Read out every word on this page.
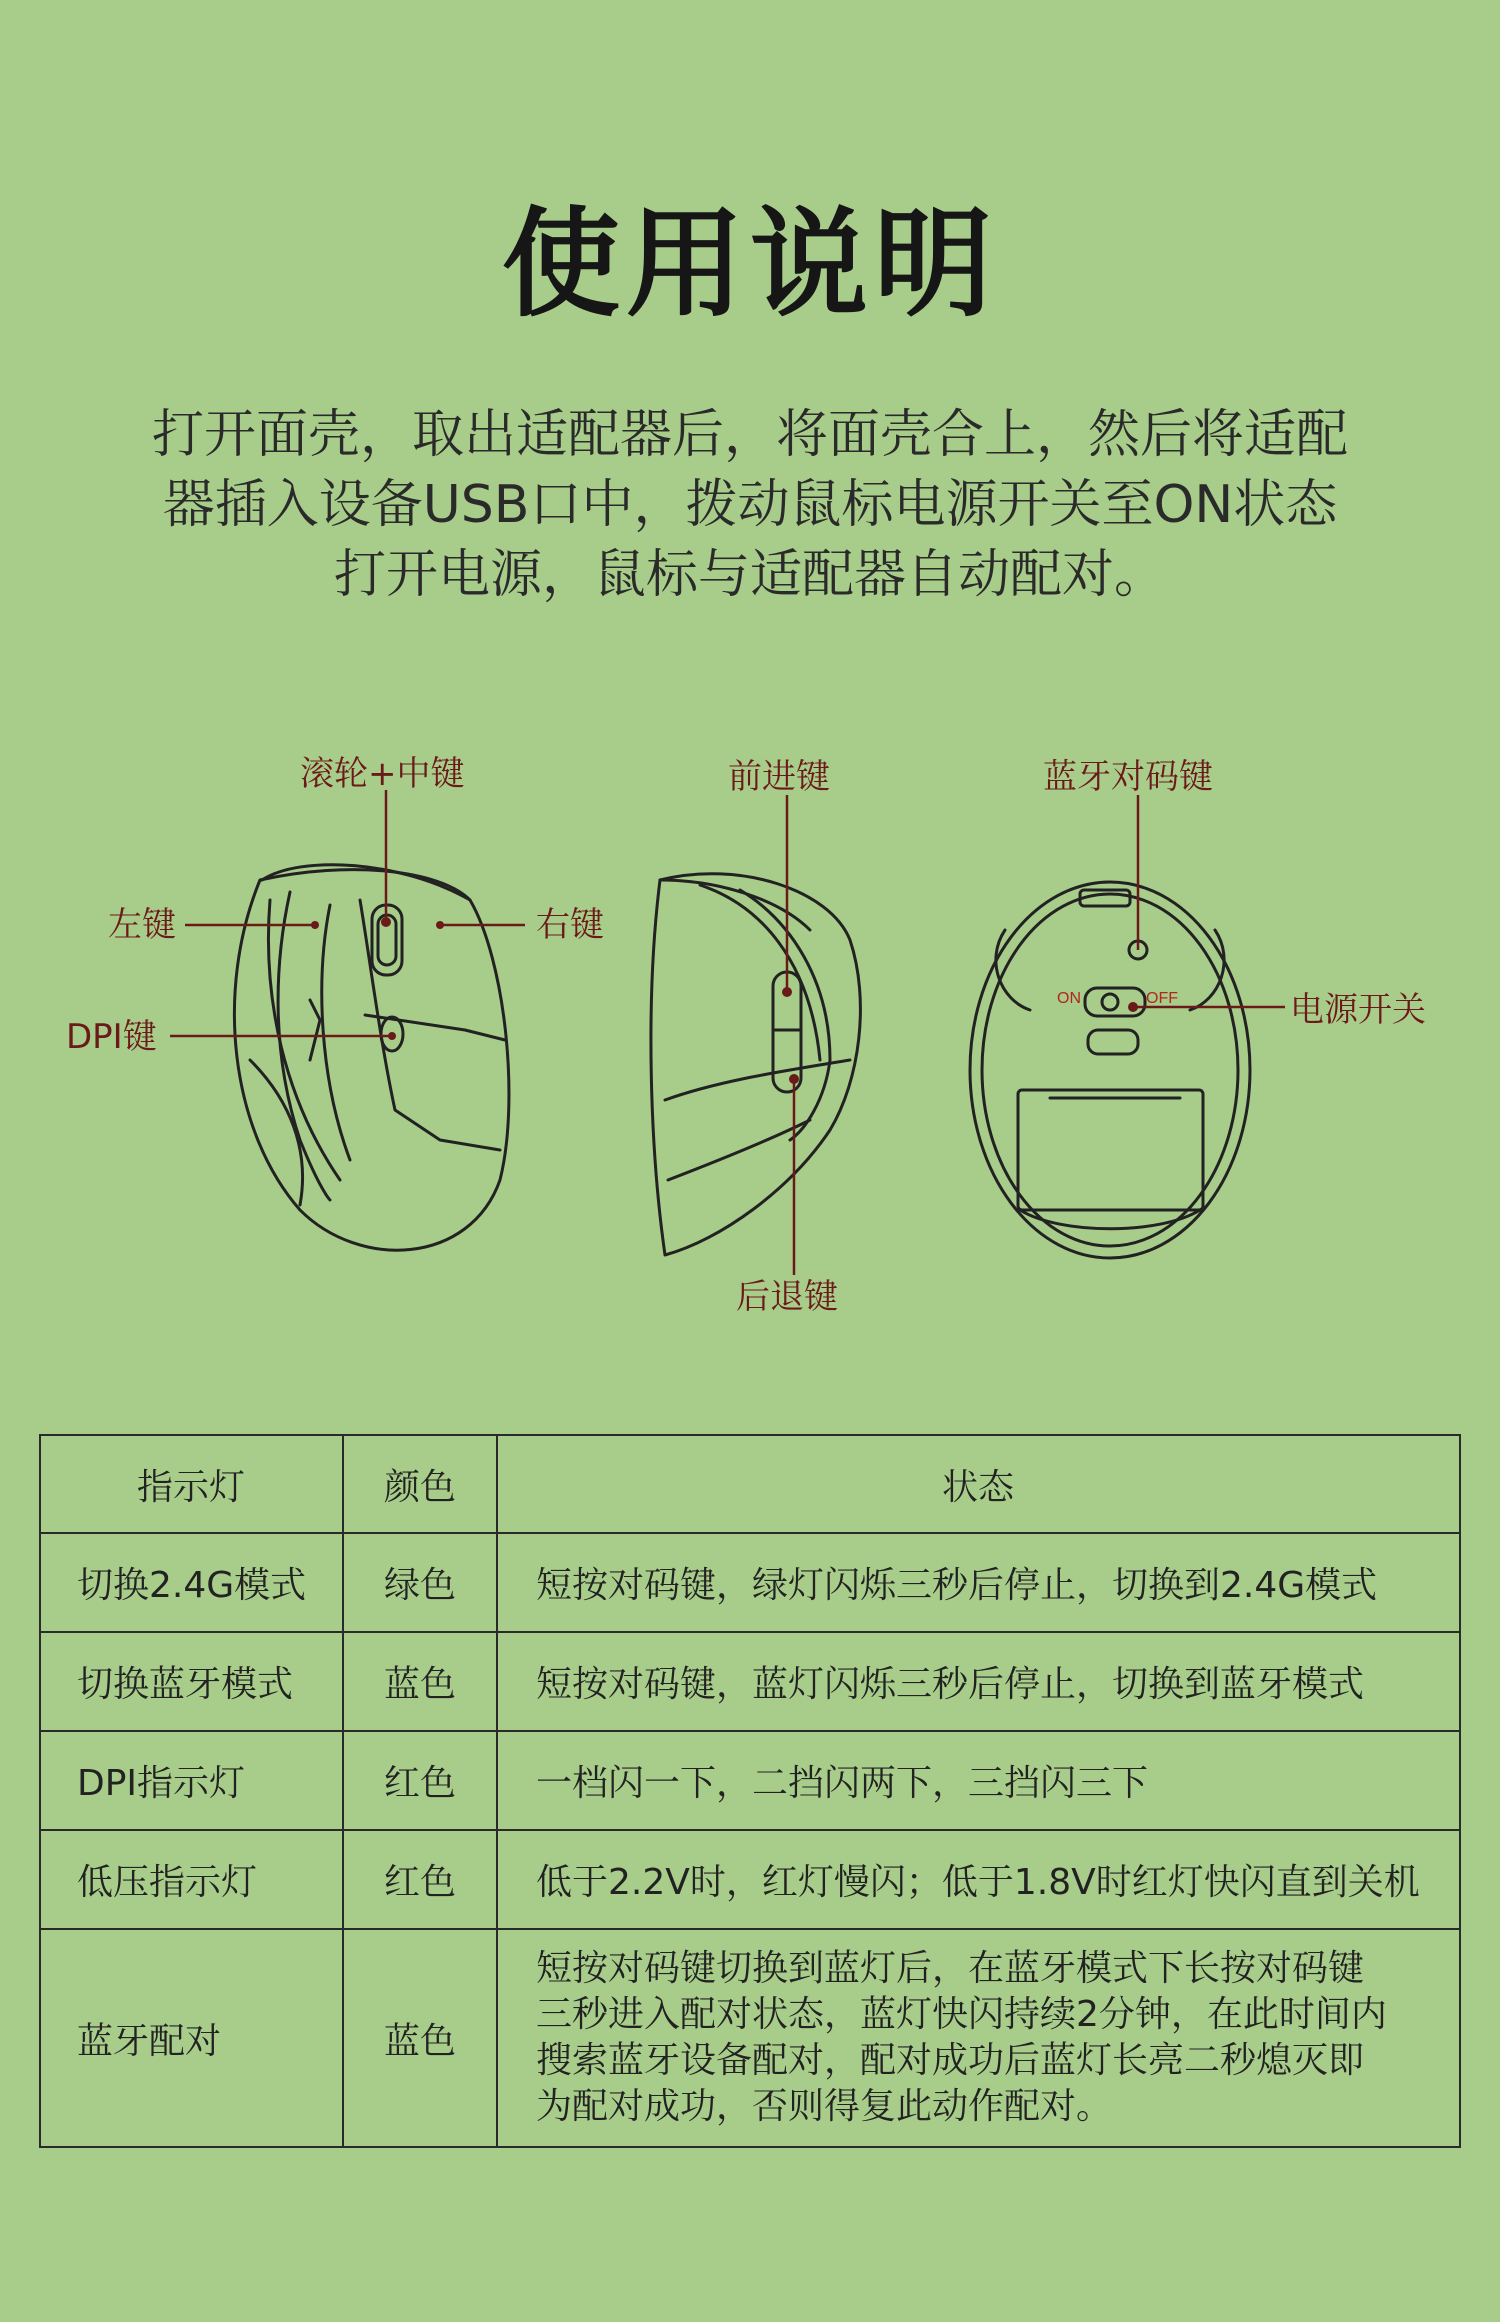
使用说明
打开面壳，取出适配器后，将面壳合上，然后将适配
器插入设备USB口中，拨动鼠标电源开关至ON状态
打开电源，鼠标与适配器自动配对。
ON	OFF
滚轮+中键
左键	右键
DPI键
前进键
后退键
蓝牙对码键
电源开关
指示灯	颜色	状态
切换2.4G模式	绿色	短按对码键，绿灯闪烁三秒后停止，切换到2.4G模式
切换蓝牙模式	蓝色	短按对码键，蓝灯闪烁三秒后停止，切换到蓝牙模式
DPI指示灯	红色	一档闪一下，二挡闪两下，三挡闪三下
低压指示灯	红色	低于2.2V时，红灯慢闪；低于1.8V时红灯快闪直到关机
蓝牙配对	蓝色	短按对码键切换到蓝灯后，在蓝牙模式下长按对码键
三秒进入配对状态，蓝灯快闪持续2分钟，在此时间内
搜索蓝牙设备配对，配对成功后蓝灯长亮二秒熄灭即
为配对成功，否则得复此动作配对。
